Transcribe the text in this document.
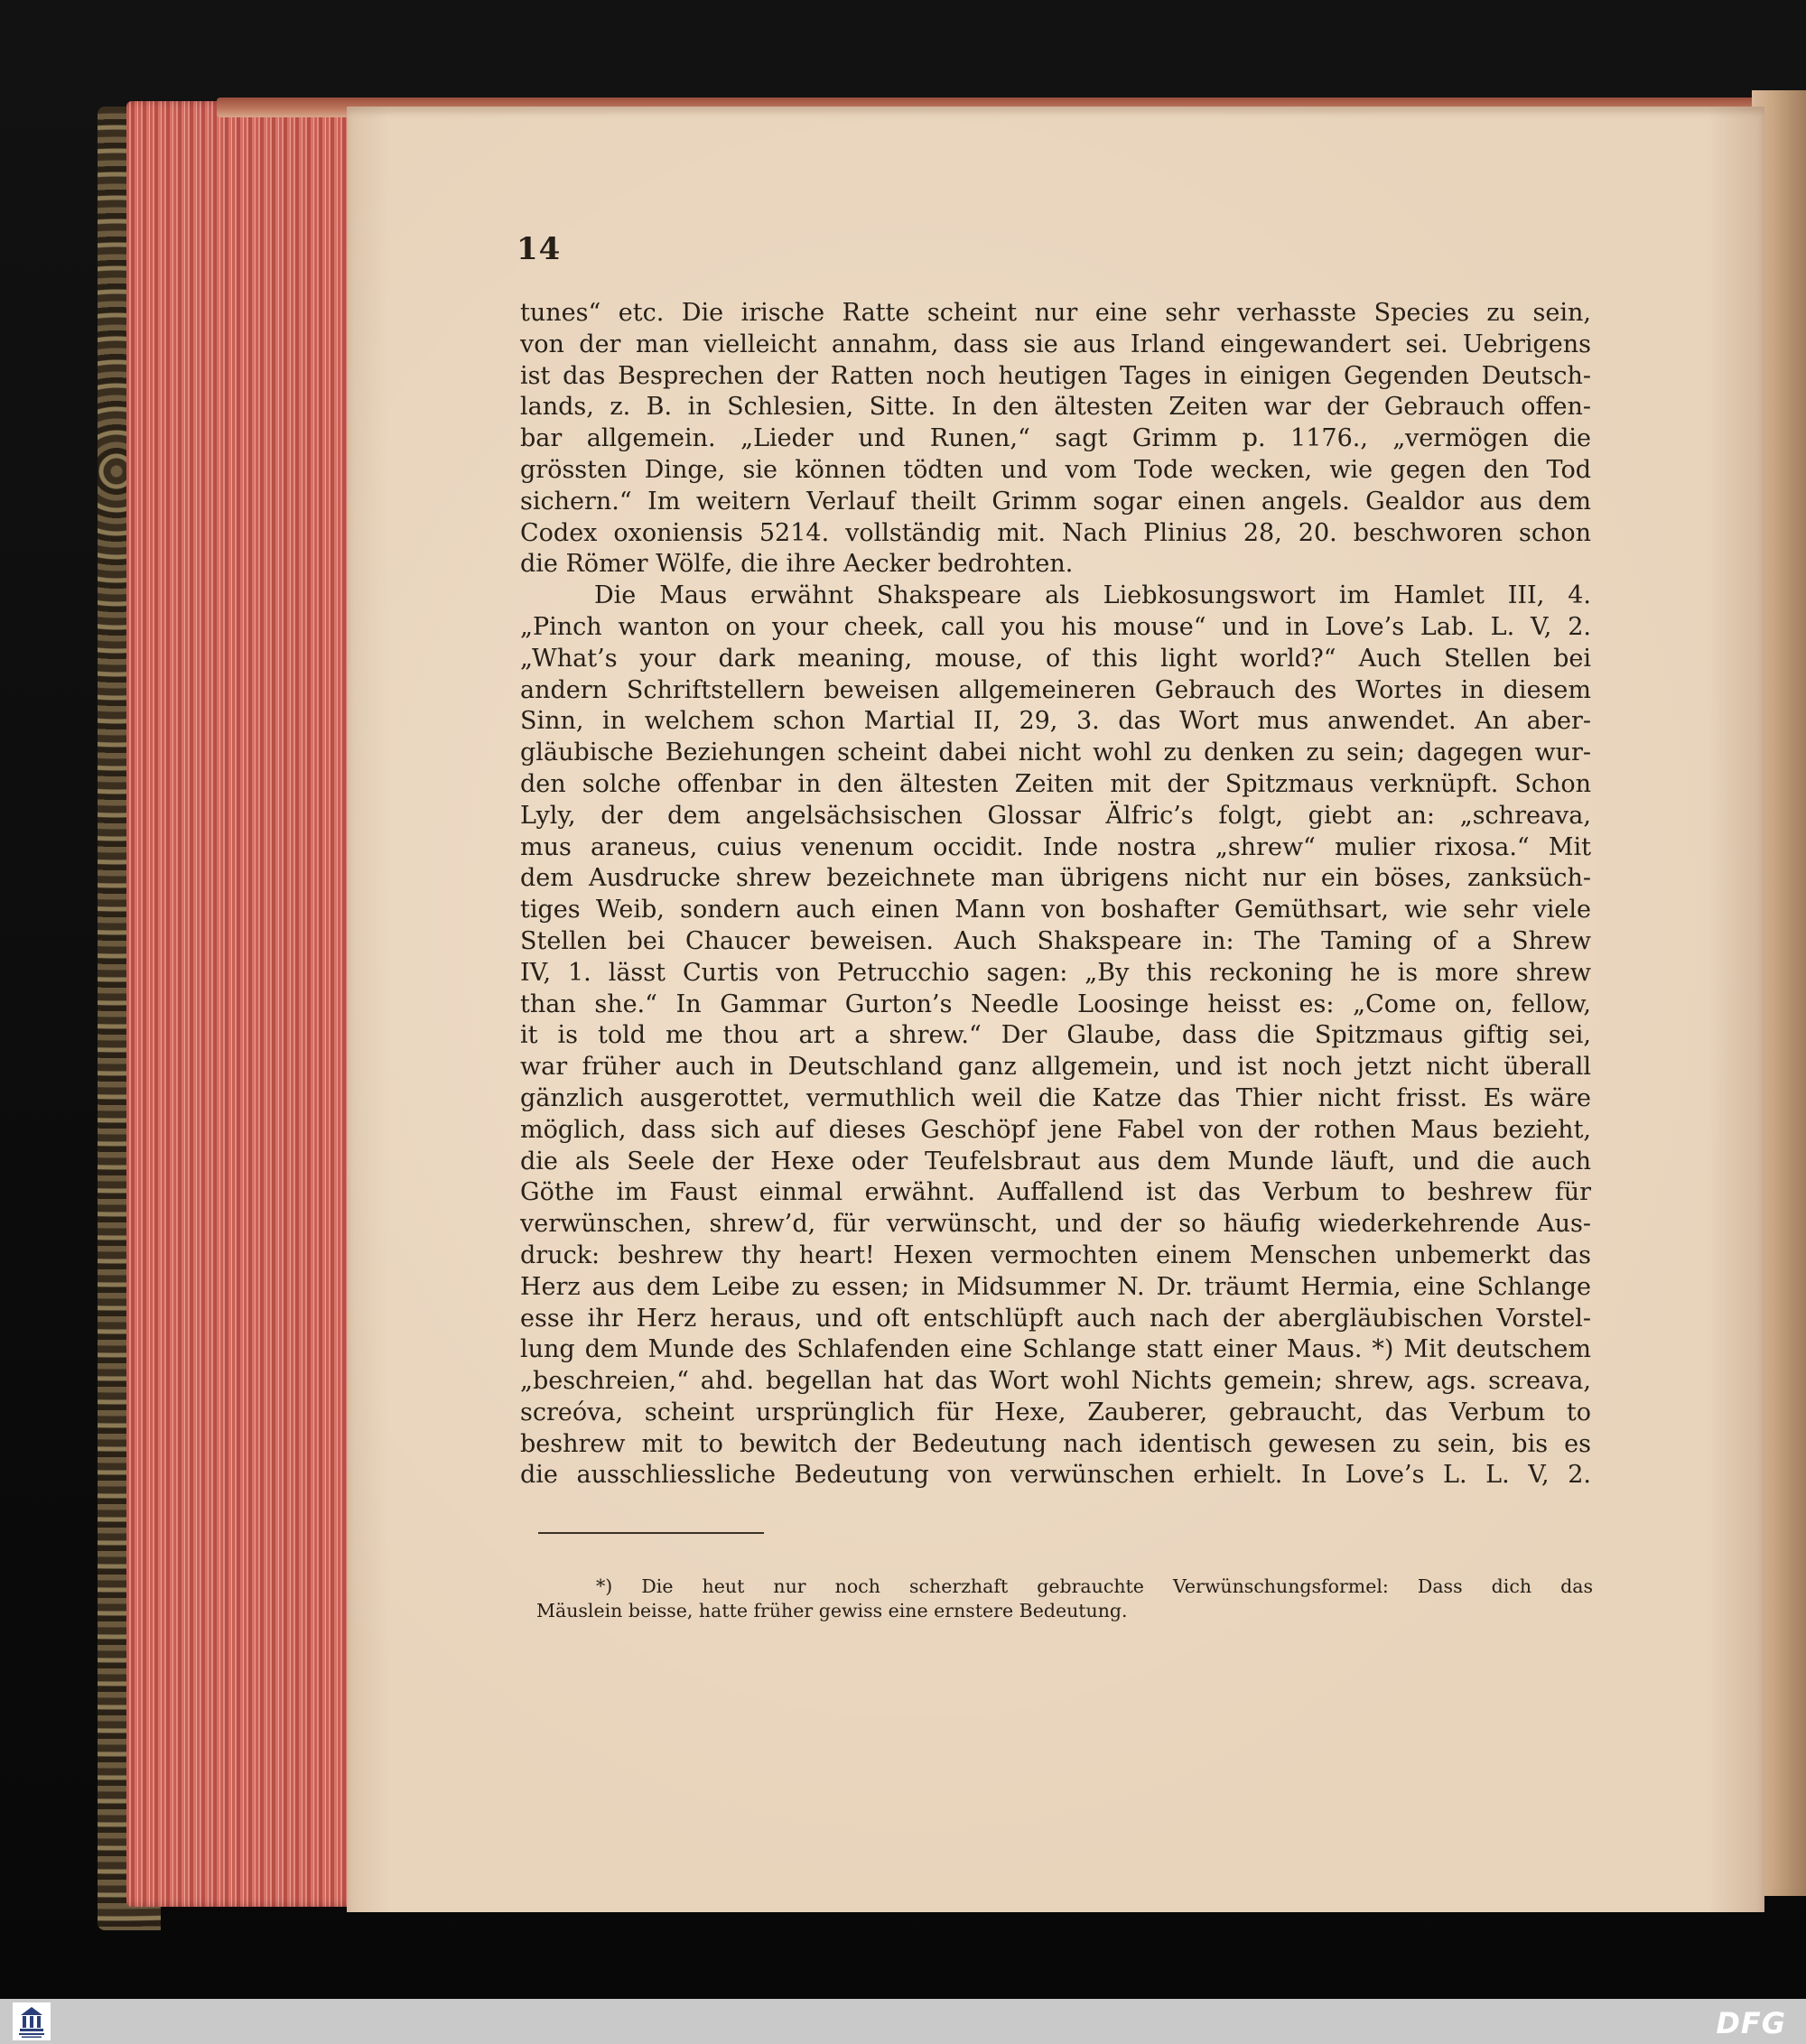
14
tunes“ etc. Die irische Ratte scheint nur eine sehr verhasste Species zu sein,
von der man vielleicht annahm, dass sie aus Irland eingewandert sei. Uebrigens
ist das Besprechen der Ratten noch heutigen Tages in einigen Gegenden Deutsch-
lands, z. B. in Schlesien, Sitte. In den ältesten Zeiten war der Gebrauch offen-
bar allgemein. „Lieder und Runen,“ sagt Grimm p. 1176., „vermögen die
grössten Dinge, sie können tödten und vom Tode wecken, wie gegen den Tod
sichern.“ Im weitern Verlauf theilt Grimm sogar einen angels. Gealdor aus dem
Codex oxoniensis 5214. vollständig mit. Nach Plinius 28, 20. beschworen schon
die Römer Wölfe, die ihre Aecker bedrohten.
Die Maus erwähnt Shakspeare als Liebkosungswort im Hamlet III, 4.
„Pinch wanton on your cheek, call you his mouse“ und in Love’s Lab. L. V, 2.
„What’s your dark meaning, mouse, of this light world?“ Auch Stellen bei
andern Schriftstellern beweisen allgemeineren Gebrauch des Wortes in diesem
Sinn, in welchem schon Martial II, 29, 3. das Wort mus anwendet. An aber-
gläubische Beziehungen scheint dabei nicht wohl zu denken zu sein; dagegen wur-
den solche offenbar in den ältesten Zeiten mit der Spitzmaus verknüpft. Schon
Lyly, der dem angelsächsischen Glossar Älfric’s folgt, giebt an: „schreava,
mus araneus, cuius venenum occidit. Inde nostra „shrew“ mulier rixosa.“ Mit
dem Ausdrucke shrew bezeichnete man übrigens nicht nur ein böses, zanksüch-
tiges Weib, sondern auch einen Mann von boshafter Gemüthsart, wie sehr viele
Stellen bei Chaucer beweisen. Auch Shakspeare in: The Taming of a Shrew
IV, 1. lässt Curtis von Petrucchio sagen: „By this reckoning he is more shrew
than she.“ In Gammar Gurton’s Needle Loosinge heisst es: „Come on, fellow,
it is told me thou art a shrew.“ Der Glaube, dass die Spitzmaus giftig sei,
war früher auch in Deutschland ganz allgemein, und ist noch jetzt nicht überall
gänzlich ausgerottet, vermuthlich weil die Katze das Thier nicht frisst. Es wäre
möglich, dass sich auf dieses Geschöpf jene Fabel von der rothen Maus bezieht,
die als Seele der Hexe oder Teufelsbraut aus dem Munde läuft, und die auch
Göthe im Faust einmal erwähnt. Auffallend ist das Verbum to beshrew für
verwünschen, shrew’d, für verwünscht, und der so häufig wiederkehrende Aus-
druck: beshrew thy heart! Hexen vermochten einem Menschen unbemerkt das
Herz aus dem Leibe zu essen; in Midsummer N. Dr. träumt Hermia, eine Schlange
esse ihr Herz heraus, und oft entschlüpft auch nach der abergläubischen Vorstel-
lung dem Munde des Schlafenden eine Schlange statt einer Maus. *) Mit deutschem
„beschreien,“ ahd. begellan hat das Wort wohl Nichts gemein; shrew, ags. screava,
screóva, scheint ursprünglich für Hexe, Zauberer, gebraucht, das Verbum to
beshrew mit to bewitch der Bedeutung nach identisch gewesen zu sein, bis es
die ausschliessliche Bedeutung von verwünschen erhielt. In Love’s L. L. V, 2.
*) Die heut nur noch scherzhaft gebrauchte Verwünschungsformel: Dass dich das
Mäuslein beisse, hatte früher gewiss eine ernstere Bedeutung.
DFG
